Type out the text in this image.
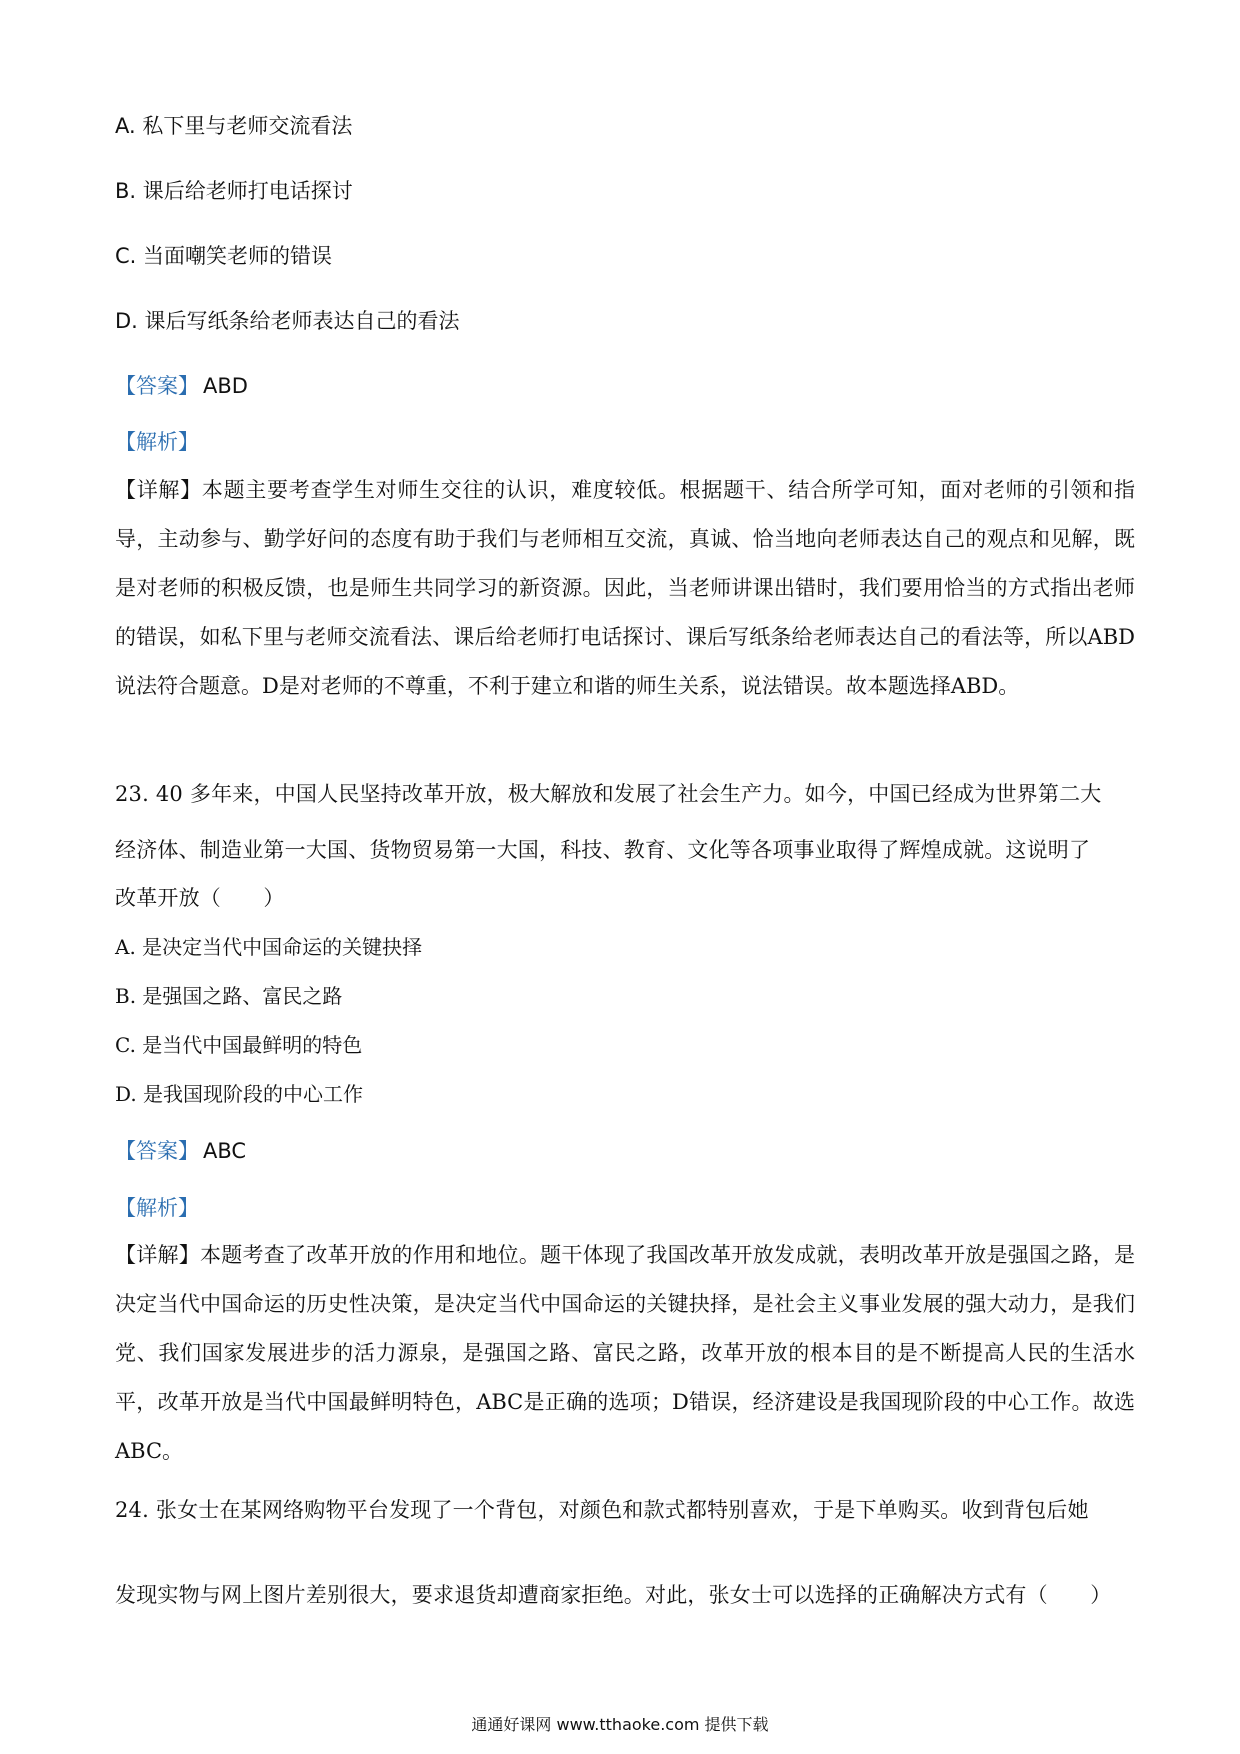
A. 私下里与老师交流看法
B. 课后给老师打电话探讨
C. 当面嘲笑老师的错误
D. 课后写纸条给老师表达自己的看法
【答案】 ABD
【解析】
【详解】本题主要考查学生对师生交往的认识，难度较低。根据题干、结合所学可知，面对老师的引领和指导，主动参与、勤学好问的态度有助于我们与老师相互交流，真诚、恰当地向老师表达自己的观点和见解，既是对老师的积极反馈，也是师生共同学习的新资源。因此，当老师讲课出错时，我们要用恰当的方式指出老师的错误，如私下里与老师交流看法、课后给老师打电话探讨、课后写纸条给老师表达自己的看法等，所以ABD说法符合题意。D是对老师的不尊重，不利于建立和谐的师生关系，说法错误。故本题选择ABD。
23. 40 多年来，中国人民坚持改革开放，极大解放和发展了社会生产力。如今，中国已经成为世界第二大
经济体、制造业第一大国、货物贸易第一大国，科技、教育、文化等各项事业取得了辉煌成就。这说明了
改革开放（　　）
A. 是决定当代中国命运的关键抉择
B. 是强国之路、富民之路
C. 是当代中国最鲜明的特色
D. 是我国现阶段的中心工作
【答案】 ABC
【解析】
【详解】本题考查了改革开放的作用和地位。题干体现了我国改革开放发成就，表明改革开放是强国之路，是决定当代中国命运的历史性决策，是决定当代中国命运的关键抉择，是社会主义事业发展的强大动力，是我们党、我们国家发展进步的活力源泉，是强国之路、富民之路，改革开放的根本目的是不断提高人民的生活水平，改革开放是当代中国最鲜明特色，ABC是正确的选项；D错误，经济建设是我国现阶段的中心工作。故选ABC。
24. 张女士在某网络购物平台发现了一个背包，对颜色和款式都特别喜欢，于是下单购买。收到背包后她
发现实物与网上图片差别很大，要求退货却遭商家拒绝。对此，张女士可以选择的正确解决方式有（　　）
通通好课网 www.tthaoke.com 提供下载
